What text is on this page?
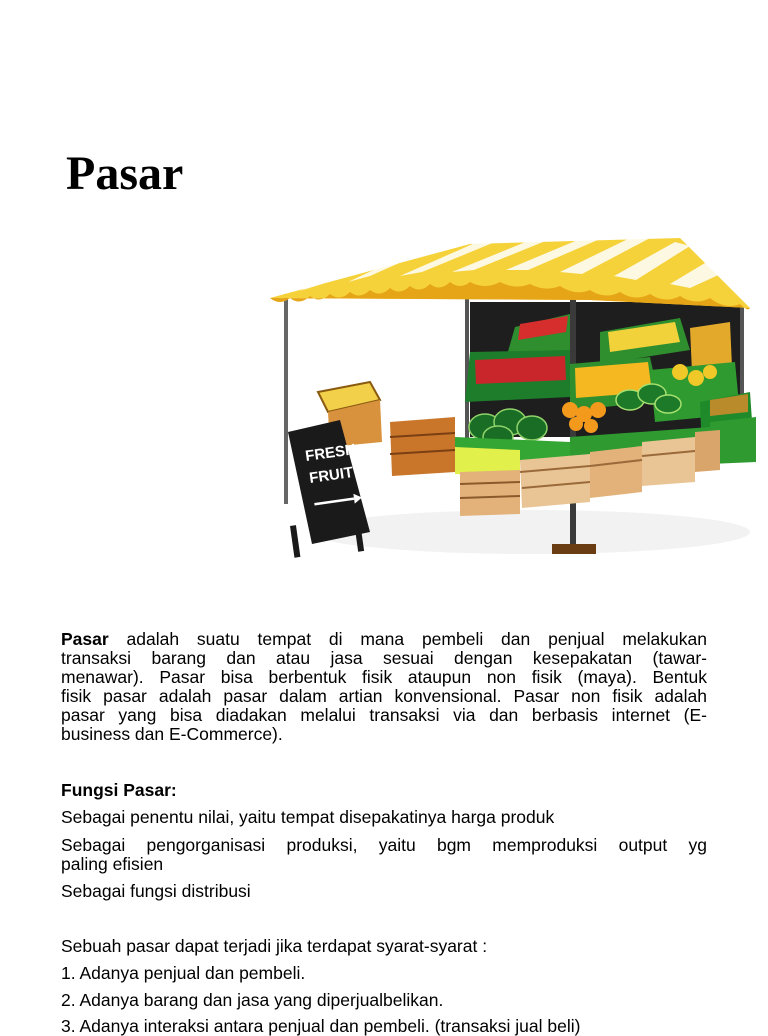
Pasar
FRESH
FRUIT

Pasar adalah suatu tempat di mana pembeli dan penjual melakukan

transaksi barang dan atau jasa sesuai dengan kesepakatan (tawar-

menawar). Pasar bisa berbentuk fisik ataupun non fisik (maya). Bentuk

fisik pasar adalah pasar dalam artian konvensional. Pasar non fisik adalah

pasar yang bisa diadakan melalui transaksi via dan berbasis internet (E-

business dan E-Commerce).

Fungsi Pasar:

Sebagai penentu nilai, yaitu tempat disepakatinya harga produk

Sebagai pengorganisasi produksi, yaitu bgm memproduksi output yg

paling efisien

Sebagai fungsi distribusi

Sebuah pasar dapat terjadi jika terdapat syarat-syarat :

1. Adanya penjual dan pembeli.

2. Adanya barang dan jasa yang diperjualbelikan.

3. Adanya interaksi antara penjual dan pembeli. (transaksi jual beli)
